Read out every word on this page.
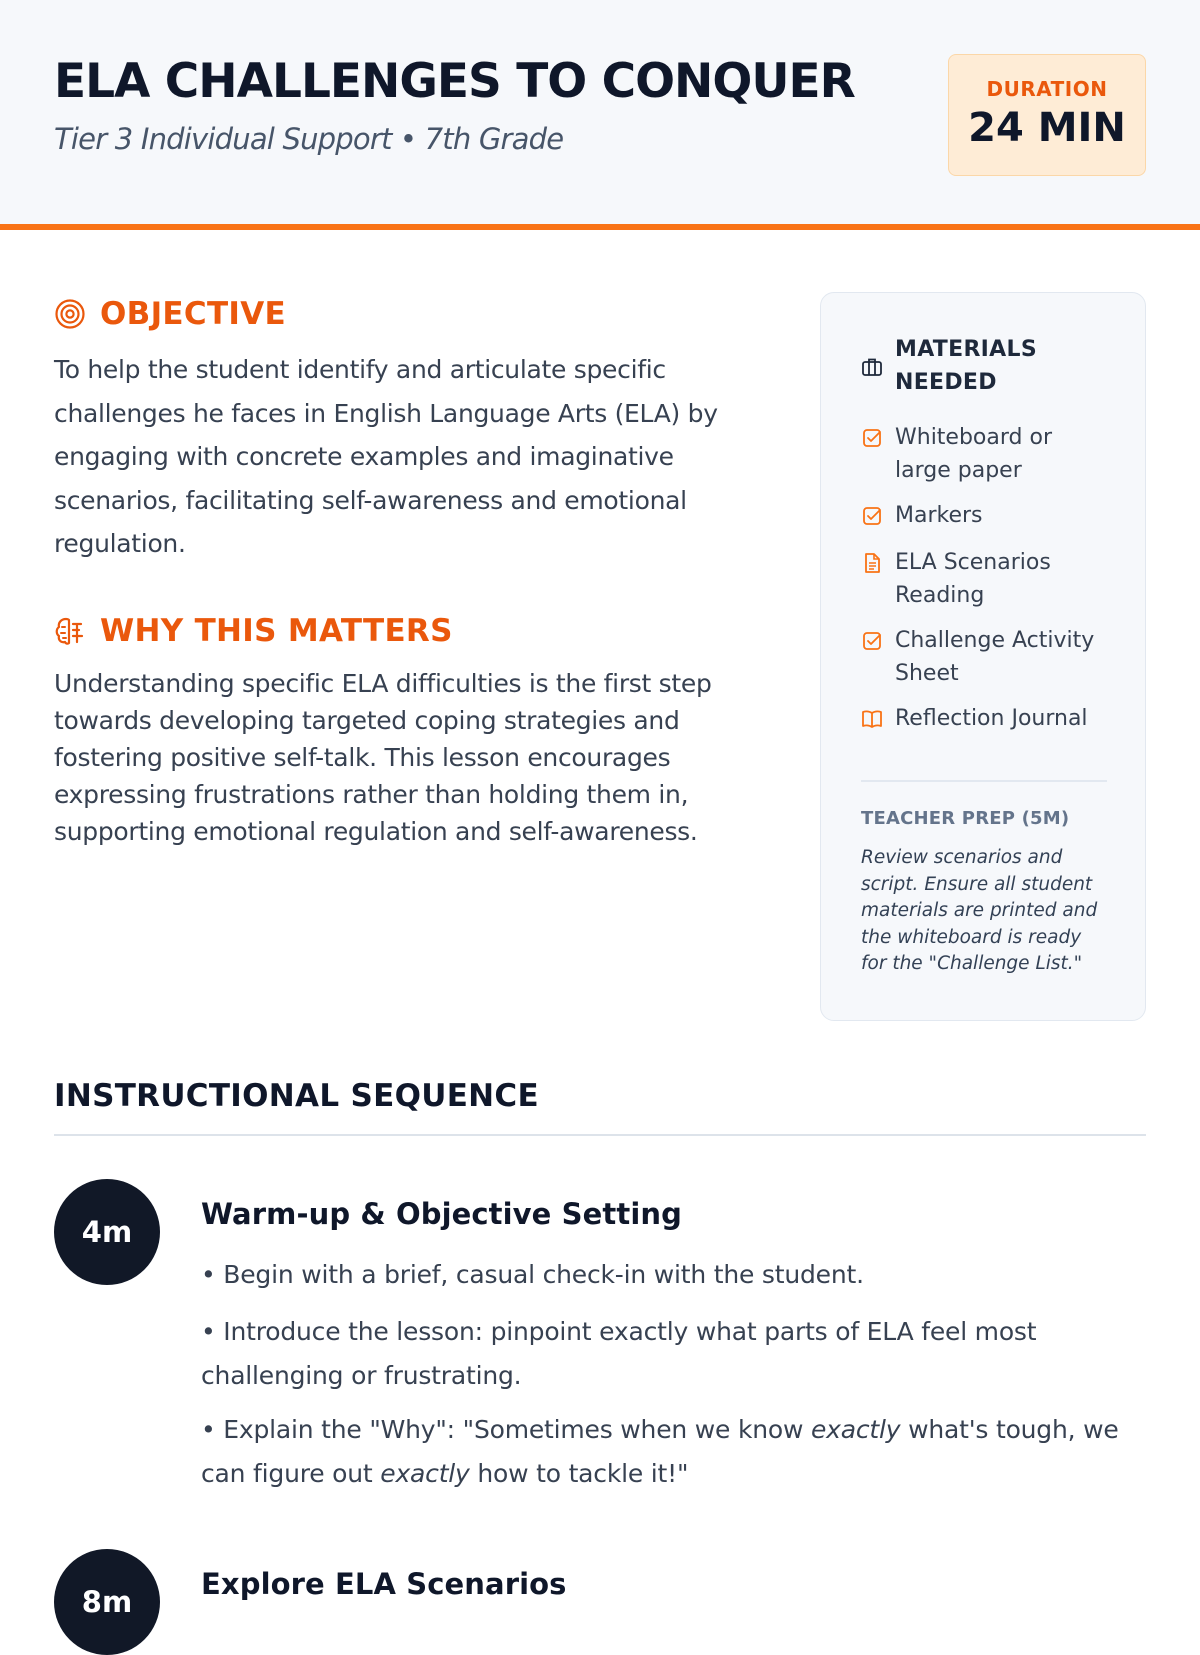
ELA CHALLENGES TO CONQUER
Tier 3 Individual Support • 7th Grade
DURATION
24 MIN
OBJECTIVE
To help the student identify and articulate specific challenges he faces in English Language Arts (ELA) by engaging with concrete examples and imaginative scenarios, facilitating self-awareness and emotional regulation.
WHY THIS MATTERS
Understanding specific ELA difficulties is the first step towards developing targeted coping strategies and fostering positive self-talk. This lesson encourages expressing frustrations rather than holding them in, supporting emotional regulation and self-awareness.
MATERIALS NEEDED
Whiteboard or large paper
Markers
ELA Scenarios Reading
Challenge Activity Sheet
Reflection Journal
TEACHER PREP (5M)
Review scenarios and script. Ensure all student materials are printed and the whiteboard is ready for the "Challenge List."
INSTRUCTIONAL SEQUENCE
4m
Warm-up & Objective Setting
• Begin with a brief, casual check-in with the student.
• Introduce the lesson: pinpoint exactly what parts of ELA feel most challenging or frustrating.
• Explain the "Why": "Sometimes when we know exactly what's tough, we can figure out exactly how to tackle it!"
8m
Explore ELA Scenarios
